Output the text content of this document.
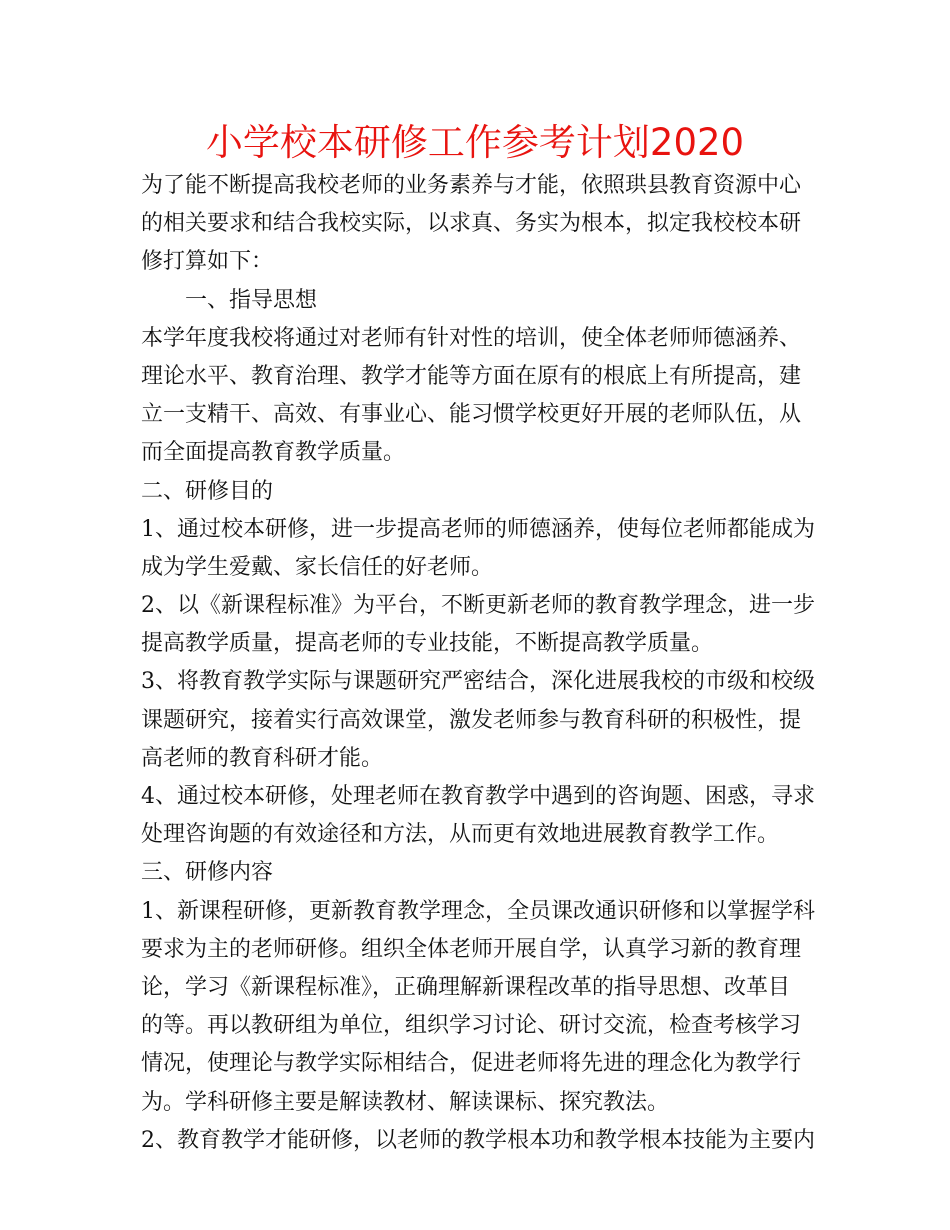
小学校本研修工作参考计划2020
为了能不断提高我校老师的业务素养与才能，依照珙县教育资源中心
的相关要求和结合我校实际，以求真、务实为根本，拟定我校校本研
修打算如下：
一、指导思想
本学年度我校将通过对老师有针对性的培训，使全体老师师德涵养、
理论水平、教育治理、教学才能等方面在原有的根底上有所提高，建
立一支精干、高效、有事业心、能习惯学校更好开展的老师队伍，从
而全面提高教育教学质量。
二、研修目的
1、通过校本研修，进一步提高老师的师德涵养，使每位老师都能成为
成为学生爱戴、家长信任的好老师。
2、以《新课程标准》为平台，不断更新老师的教育教学理念，进一步
提高教学质量，提高老师的专业技能，不断提高教学质量。
3、将教育教学实际与课题研究严密结合，深化进展我校的市级和校级
课题研究，接着实行高效课堂，激发老师参与教育科研的积极性，提
高老师的教育科研才能。
4、通过校本研修，处理老师在教育教学中遇到的咨询题、困惑，寻求
处理咨询题的有效途径和方法，从而更有效地进展教育教学工作。
三、研修内容
1、新课程研修，更新教育教学理念，全员课改通识研修和以掌握学科
要求为主的老师研修。组织全体老师开展自学，认真学习新的教育理
论，学习《新课程标准》，正确理解新课程改革的指导思想、改革目
的等。再以教研组为单位，组织学习讨论、研讨交流，检查考核学习
情况，使理论与教学实际相结合，促进老师将先进的理念化为教学行
为。学科研修主要是解读教材、解读课标、探究教法。
2、教育教学才能研修，以老师的教学根本功和教学根本技能为主要内
